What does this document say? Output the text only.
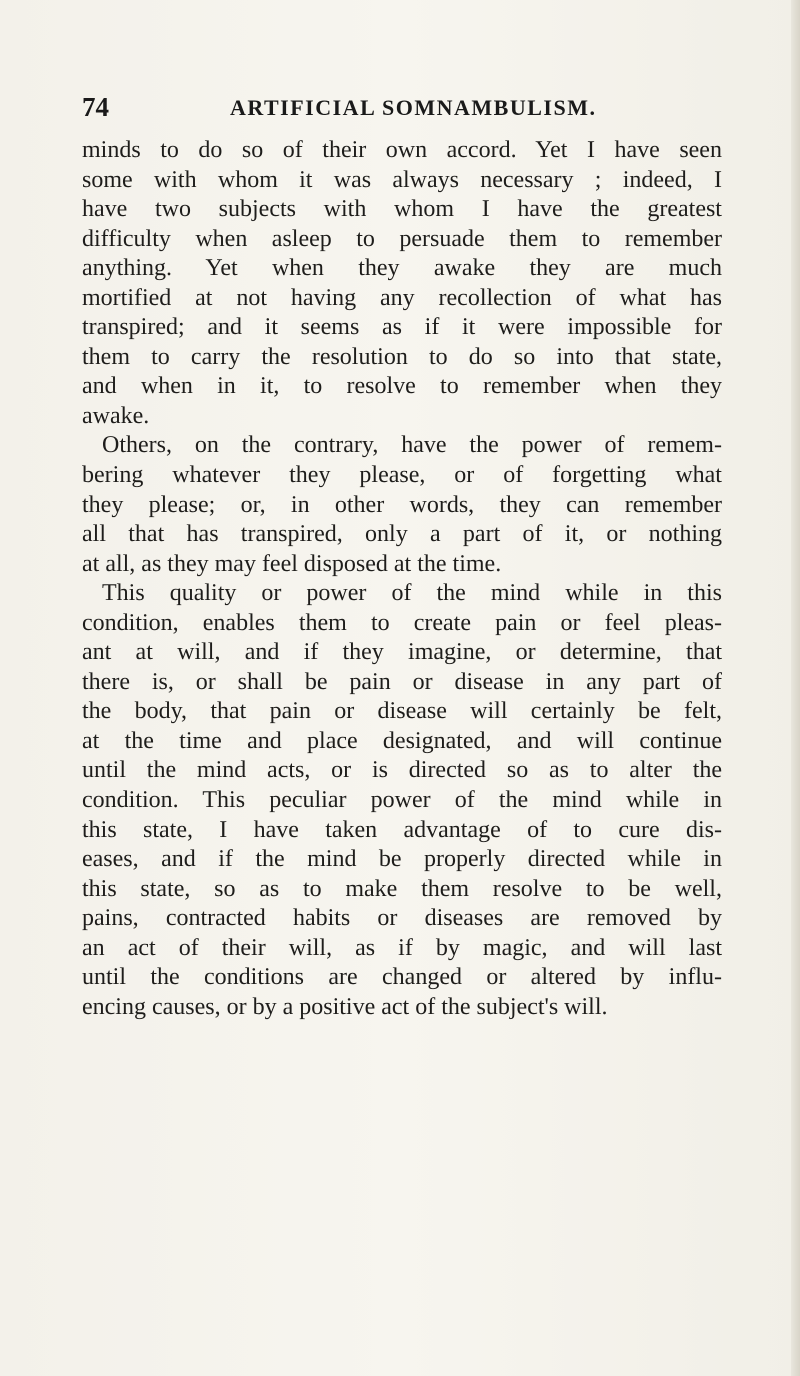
74	ARTIFICIAL SOMNAMBULISM.
minds to do so of their own accord. Yet I have seen
some with whom it was always necessary ; indeed, I
have two subjects with whom I have the greatest
difficulty when asleep to persuade them to remember
anything. Yet when they awake they are much
mortified at not having any recollection of what has
transpired; and it seems as if it were impossible for
them to carry the resolution to do so into that state,
and when in it, to resolve to remember when they
awake.
Others, on the contrary, have the power of remem-
bering whatever they please, or of forgetting what
they please; or, in other words, they can remember
all that has transpired, only a part of it, or nothing
at all, as they may feel disposed at the time.
This quality or power of the mind while in this
condition, enables them to create pain or feel pleas-
ant at will, and if they imagine, or determine, that
there is, or shall be pain or disease in any part of
the body, that pain or disease will certainly be felt,
at the time and place designated, and will continue
until the mind acts, or is directed so as to alter the
condition. This peculiar power of the mind while in
this state, I have taken advantage of to cure dis-
eases, and if the mind be properly directed while in
this state, so as to make them resolve to be well,
pains, contracted habits or diseases are removed by
an act of their will, as if by magic, and will last
until the conditions are changed or altered by influ-
encing causes, or by a positive act of the subject's will.
